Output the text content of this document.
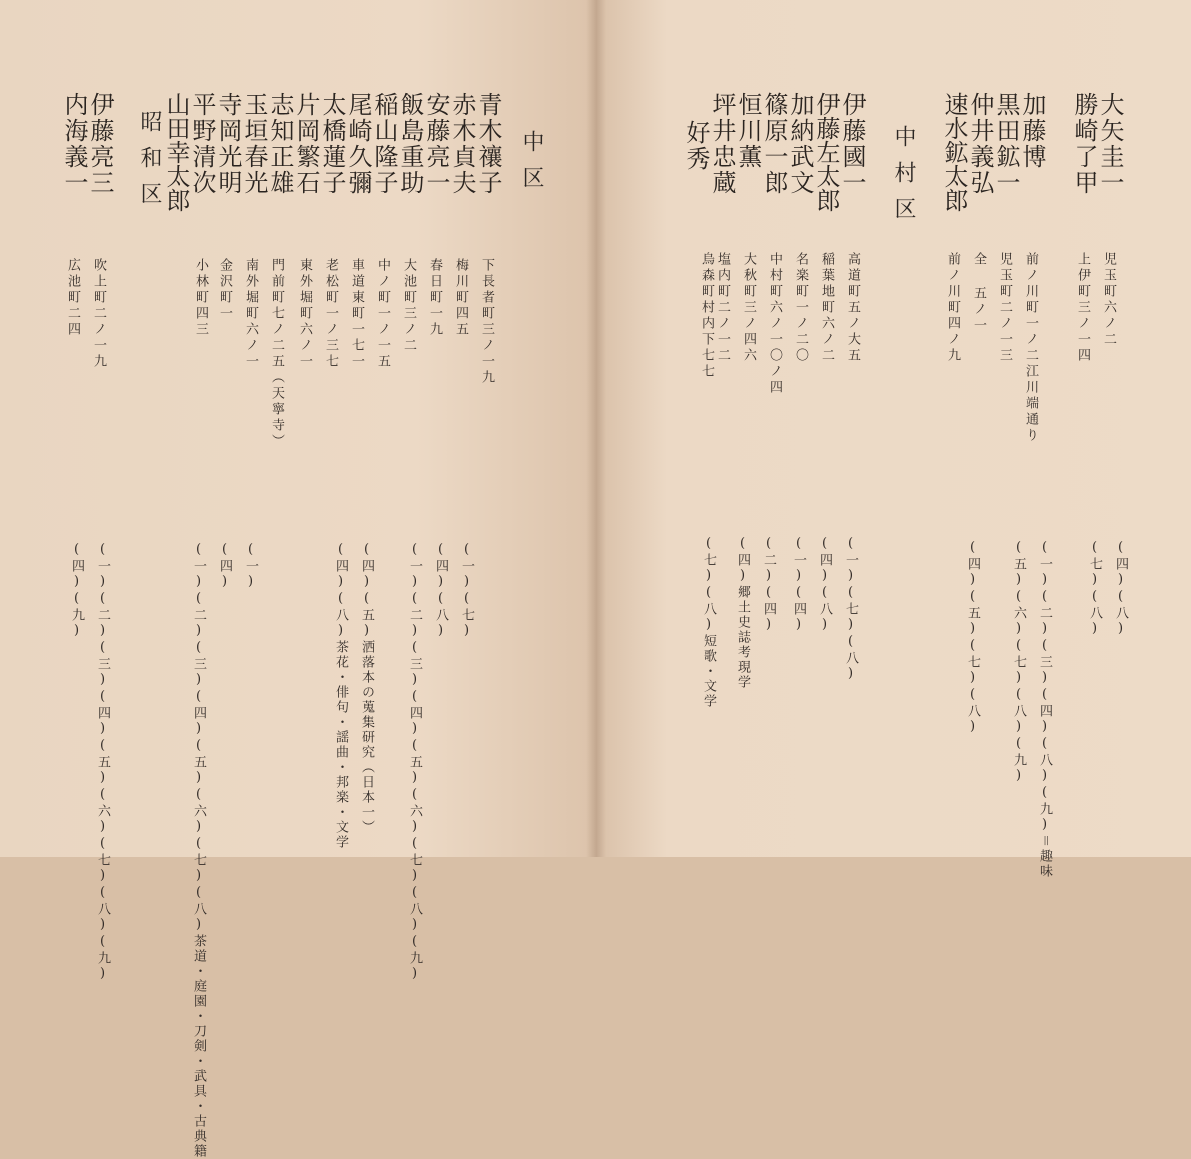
中区
青木禳子
赤木貞夫
安藤亮一
飯島重助
稲山隆子
尾崎久彌
太橋蓮子
片岡繁石
志知正雄
玉垣春光
寺岡光明
平野清次
山田幸太郎
下長者町三ノ一九
梅川町四五
春日町一九
大池町三ノ二
中ノ町一ノ一五
車道東町一七一
老松町一ノ三七
東外堀町六ノ一
門前町七ノ二五（天寧寺）
南外堀町六ノ一
金沢町一
小林町四三
(一)(七)
(四)(八)
(一)(二)(三)(四)(五)(六)(七)(八)(九)
(四)(五)洒落本の蒐集研究（日本一）
(四)(八)茶花・俳句・謡曲・邦楽・文学
(一)
(四)
(一)(二)(三)(四)(五)(六)(七)(八)茶道・庭園・刀剣・武具・古典籍
昭和区
伊藤亮三
内海義一
吹上町二ノ一九
広池町二四
(一)(二)(三)(四)(五)(六)(七)(八)(九)
(四)(九)
大矢圭一
勝崎了甲
加藤博
黒田鉱一
仲井義弘
速水鉱太郎
児玉町六ノ二
上伊町三ノ一四
前ノ川町一ノ二江川端通り
児玉町二ノ一三
全 五ノ一
前ノ川町四ノ九
(四)(八)
(七)(八)
(一)(二)(三)(四)(八)(九)＝趣味
(五)(六)(七)(八)(九)
(四)(五)(七)(八)
中村区
伊藤國一
伊藤左太郎
加納武文
篠原一郎
恒川薫
坪井忠蔵
好秀
高道町五ノ大五
稲葉地町六ノ二
名楽町一ノ二〇
中村町六ノ一〇ノ四
大秋町三ノ四六
塩内町二ノ一二
烏森町村内下七七
(一)(七)(八)
(四)(八)
(一)(四)
(二)(四)
(四)郷土史誌考現学
(七)(八)短歌・文学
